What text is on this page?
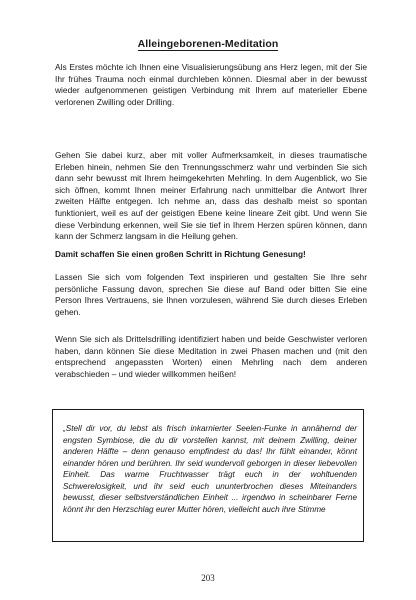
Alleingeborenen-Meditation
Als Erstes möchte ich Ihnen eine Visualisierungsübung ans Herz legen, mit der Sie Ihr frühes Trauma noch einmal durchleben können. Diesmal aber in der bewusst wieder aufgenommenen geistigen Verbindung mit Ihrem auf materieller Ebene verlorenen Zwilling oder Drilling.
Gehen Sie dabei kurz, aber mit voller Aufmerksamkeit, in dieses traumatische Erleben hinein, nehmen Sie den Trennungsschmerz wahr und verbinden Sie sich dann sehr bewusst mit Ihrem heimgekehrten Mehrling. In dem Augenblick, wo Sie sich öffnen, kommt Ihnen meiner Erfahrung nach unmittelbar die Antwort Ihrer zweiten Hälfte entgegen. Ich nehme an, dass das deshalb meist so spontan funktioniert, weil es auf der geistigen Ebene keine lineare Zeit gibt. Und wenn Sie diese Verbindung erkennen, weil Sie sie tief in Ihrem Herzen spüren können, dann kann der Schmerz langsam in die Heilung gehen.
Damit schaffen Sie einen großen Schritt in Richtung Genesung!
Lassen Sie sich vom folgenden Text inspirieren und gestalten Sie Ihre sehr persönliche Fassung davon, sprechen Sie diese auf Band oder bitten Sie eine Person Ihres Vertrauens, sie Ihnen vorzulesen, während Sie durch dieses Erleben gehen.
Wenn Sie sich als Drittelsdrilling identifiziert haben und beide Geschwister verloren haben, dann können Sie diese Meditation in zwei Phasen machen und (mit den entsprechend angepassten Worten) einen Mehrling nach dem anderen verabschieden – und wieder willkommen heißen!
„Stell dir vor, du lebst als frisch inkarnierter Seelen-Funke in annähernd der engsten Symbiose, die du dir vorstellen kannst, mit deinem Zwilling, deiner anderen Hälfte – denn genauso empfindest du das! Ihr fühlt einander, könnt einander hören und berühren. Ihr seid wundervoll geborgen in dieser liebevollen Einheit. Das warme Fruchtwasser trägt euch in der wohltuenden Schwerelosigkeit, und ihr seid euch ununterbrochen dieses Miteinanders bewusst, dieser selbstverständlichen Einheit ... irgendwo in scheinbarer Ferne könnt ihr den Herzschlag eurer Mutter hören, vielleicht auch ihre Stimme
203
